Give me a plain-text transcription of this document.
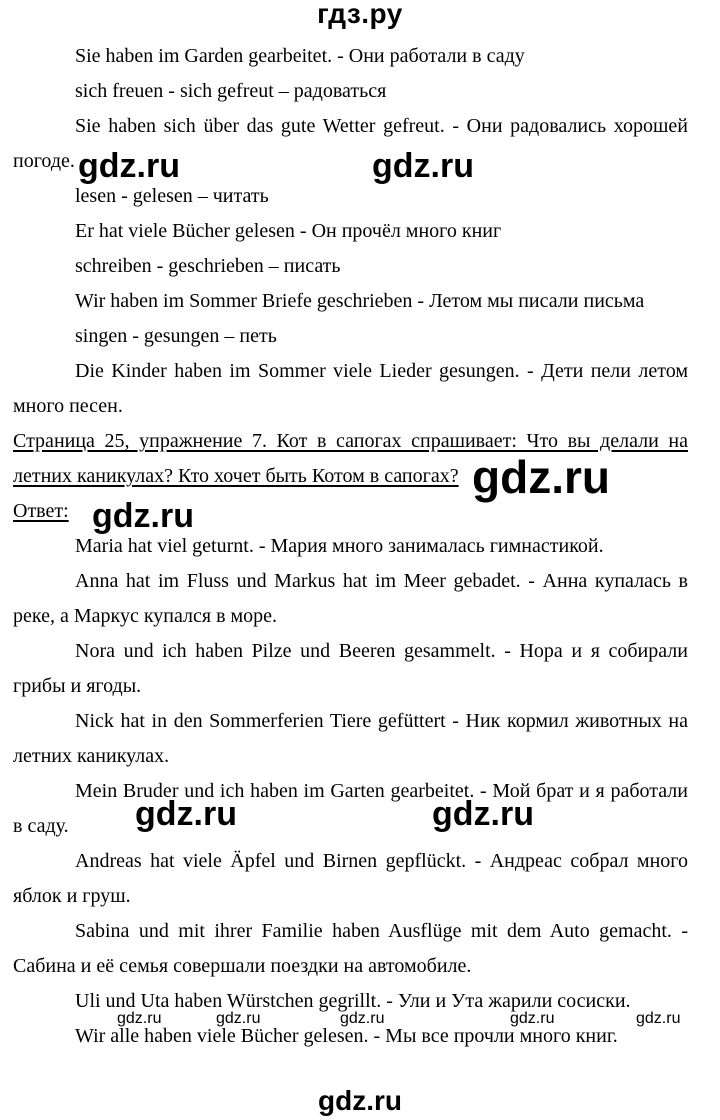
гдз.ру
Sie haben im Garden gearbeitet. - Они работали в саду
sich freuen - sich gefreut – радоваться
Sie haben sich über das gute Wetter gefreut. - Они радовались хорошей
погоде.
lesen - gelesen – читать
Er hat viele Bücher gelesen - Он прочёл много книг
schreiben - geschrieben – писать
Wir haben im Sommer Briefe geschrieben - Летом мы писали письма
singen - gesungen – петь
Die Kinder haben im Sommer viele Lieder gesungen. - Дети пели летом
много песен.
Страница 25, упражнение 7. Кот в сапогах спрашивает: Что вы делали на
летних каникулах? Кто хочет быть Котом в сапогах?
Ответ:
Maria hat viel geturnt. - Мария много занималась гимнастикой.
Anna hat im Fluss und Markus hat im Meer gebadet. - Анна купалась в
реке, а Маркус купался в море.
Nora und ich haben Pilze und Beeren gesammelt. - Нора и я собирали
грибы и ягоды.
Nick hat in den Sommerferien Tiere gefüttert - Ник кормил животных на
летних каникулах.
Mein Bruder und ich haben im Garten gearbeitet. - Мой брат и я работали
в саду.
Andreas hat viele Äpfel und Birnen gepflückt. - Андреас собрал много
яблок и груш.
Sabina und mit ihrer Familie haben Ausflüge mit dem Auto gemacht. -
Сабина и её семья совершали поездки на автомобиле.
Uli und Uta haben Würstchen gegrillt. - Ули и Ута жарили сосиски.
Wir alle haben viele Bücher gelesen. - Мы все прочли много книг.
gdz.ru	gdz.ru
gdz.ru
gdz.ru
gdz.ru	gdz.ru
gdz.ru	gdz.ru	gdz.ru	gdz.ru	gdz.ru
gdz.ru
